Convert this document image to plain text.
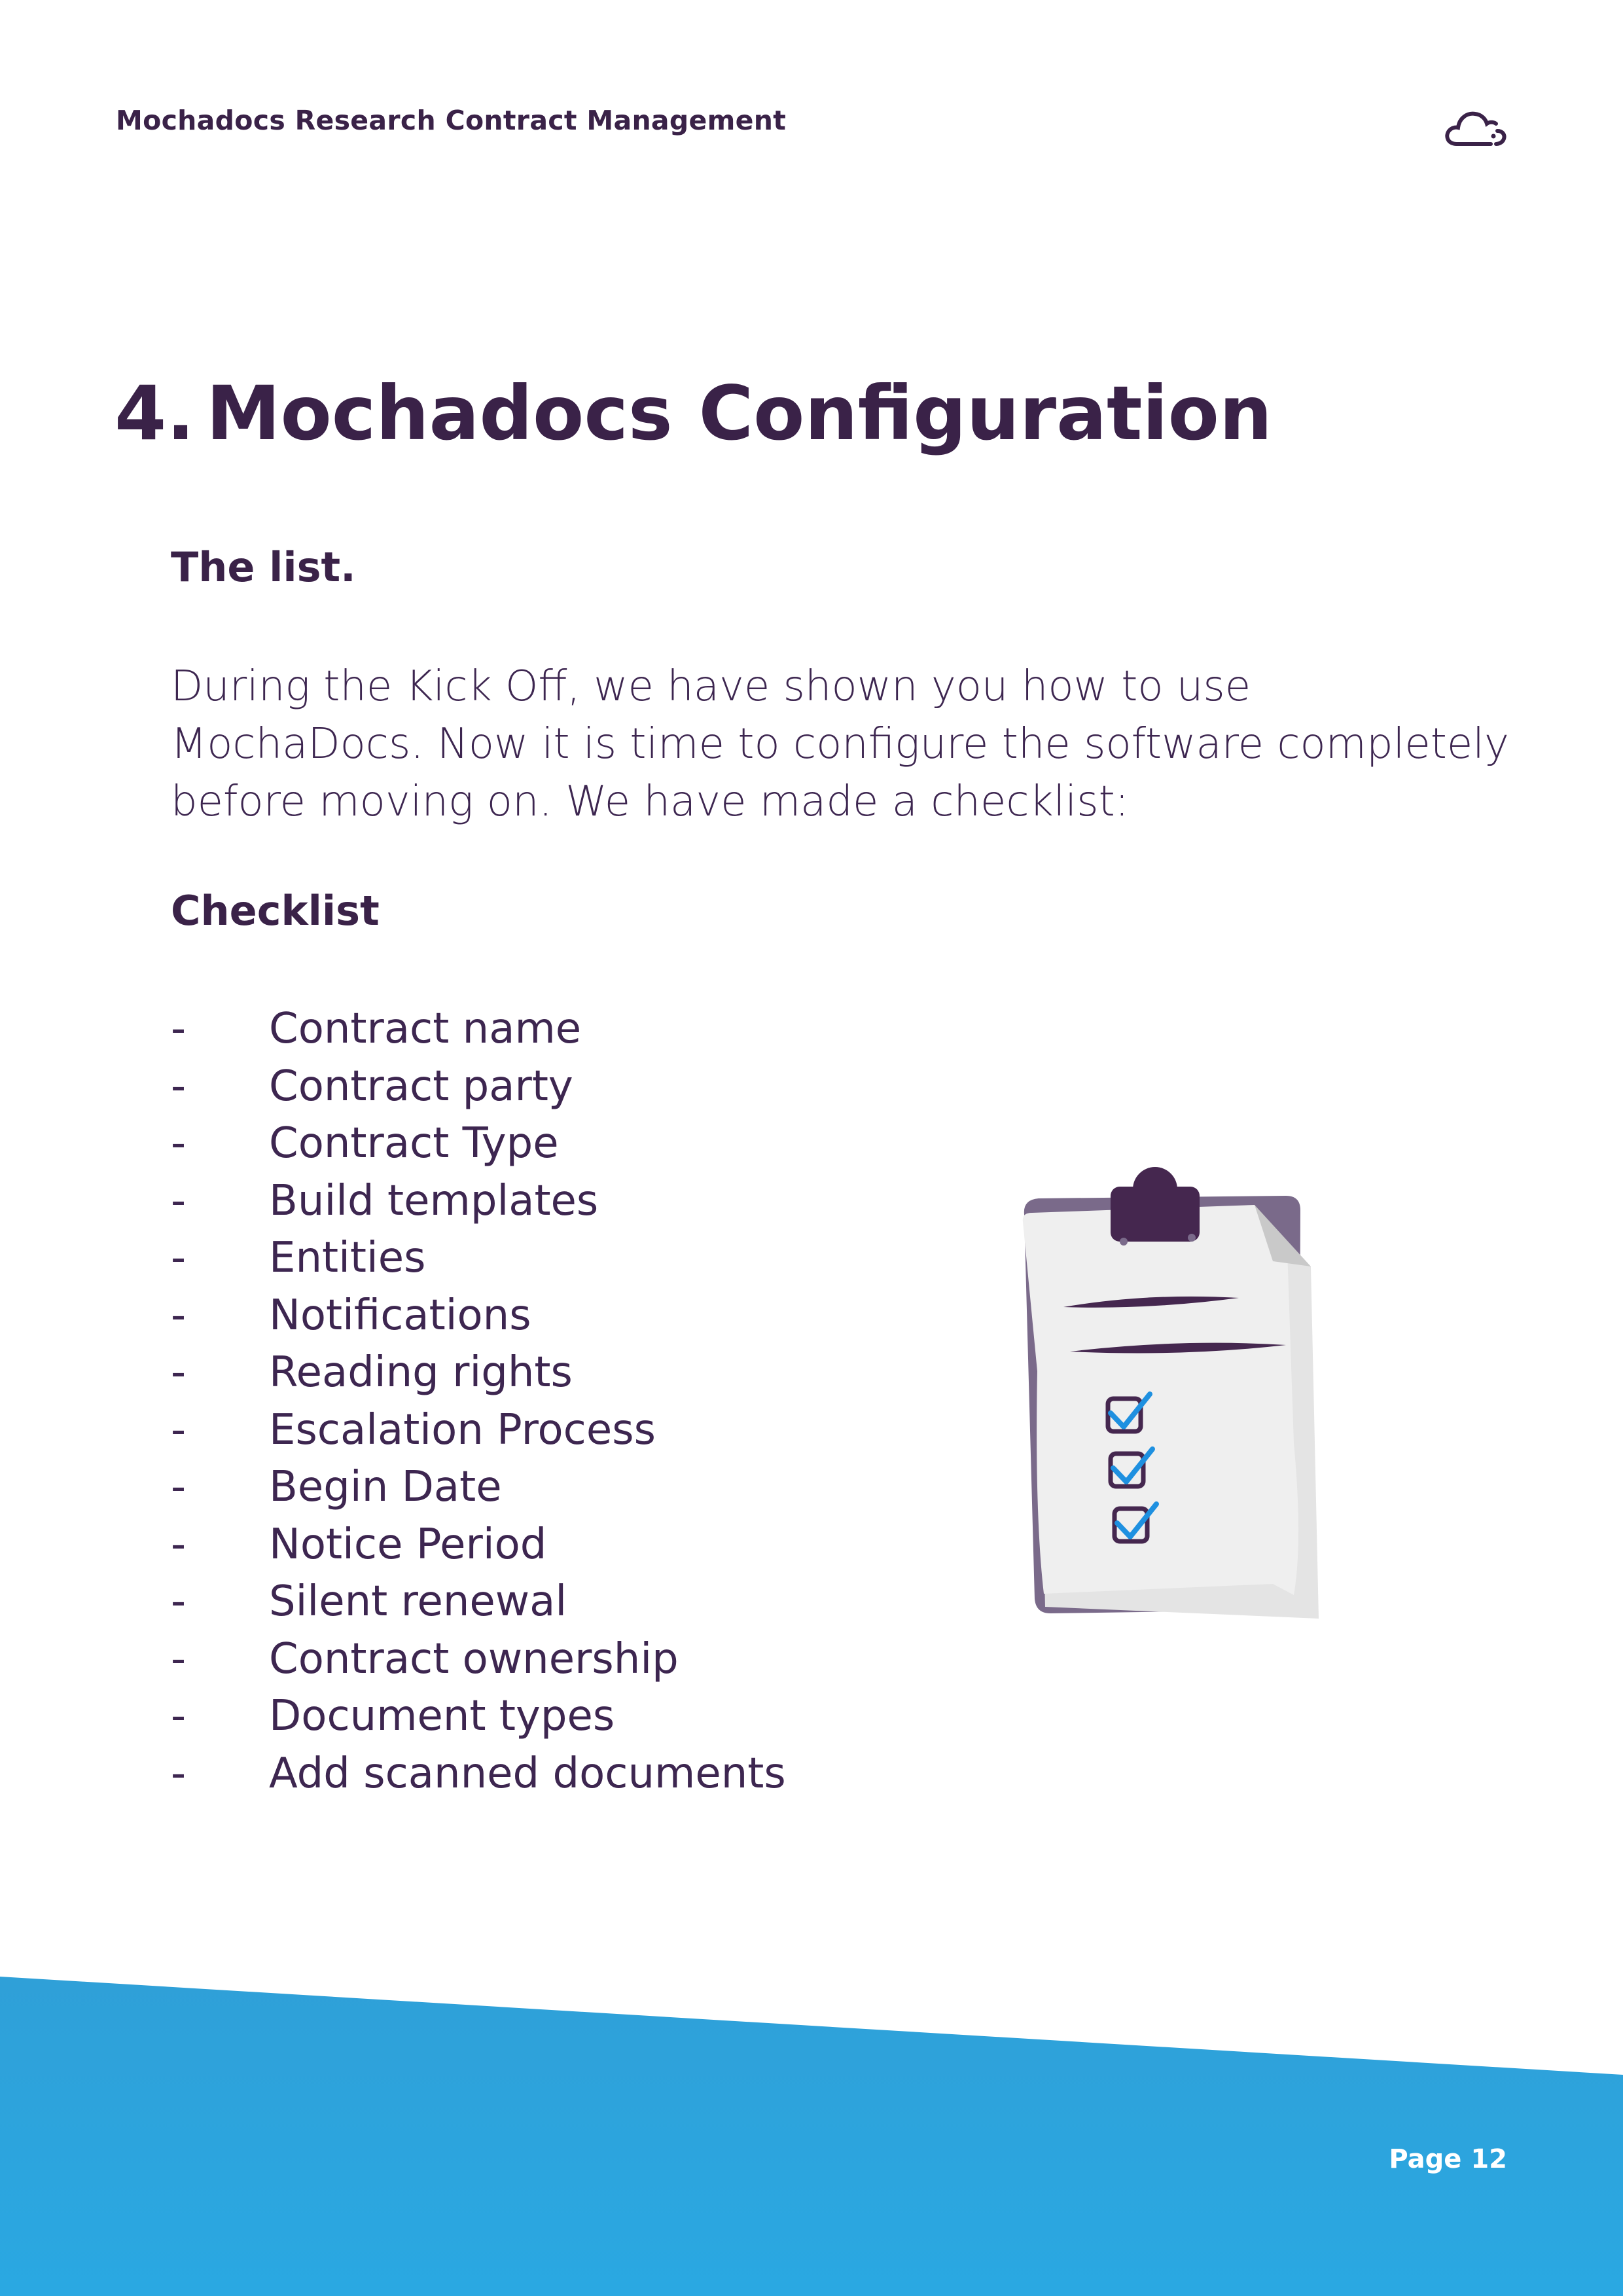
Mochadocs Research Contract Management
4. Mochadocs Configuration
The list.
During the Kick Off, we have shown you how to use
MochaDocs. Now it is time to configure the software completely
before moving on. We have made a checklist:
Checklist
- Contract name
- Contract party
- Contract Type
- Build templates
- Entities
- Notifications
- Reading rights
- Escalation Process
- Begin Date
- Notice Period
- Silent renewal
- Contract ownership
- Document types
- Add scanned documents
Page 12
